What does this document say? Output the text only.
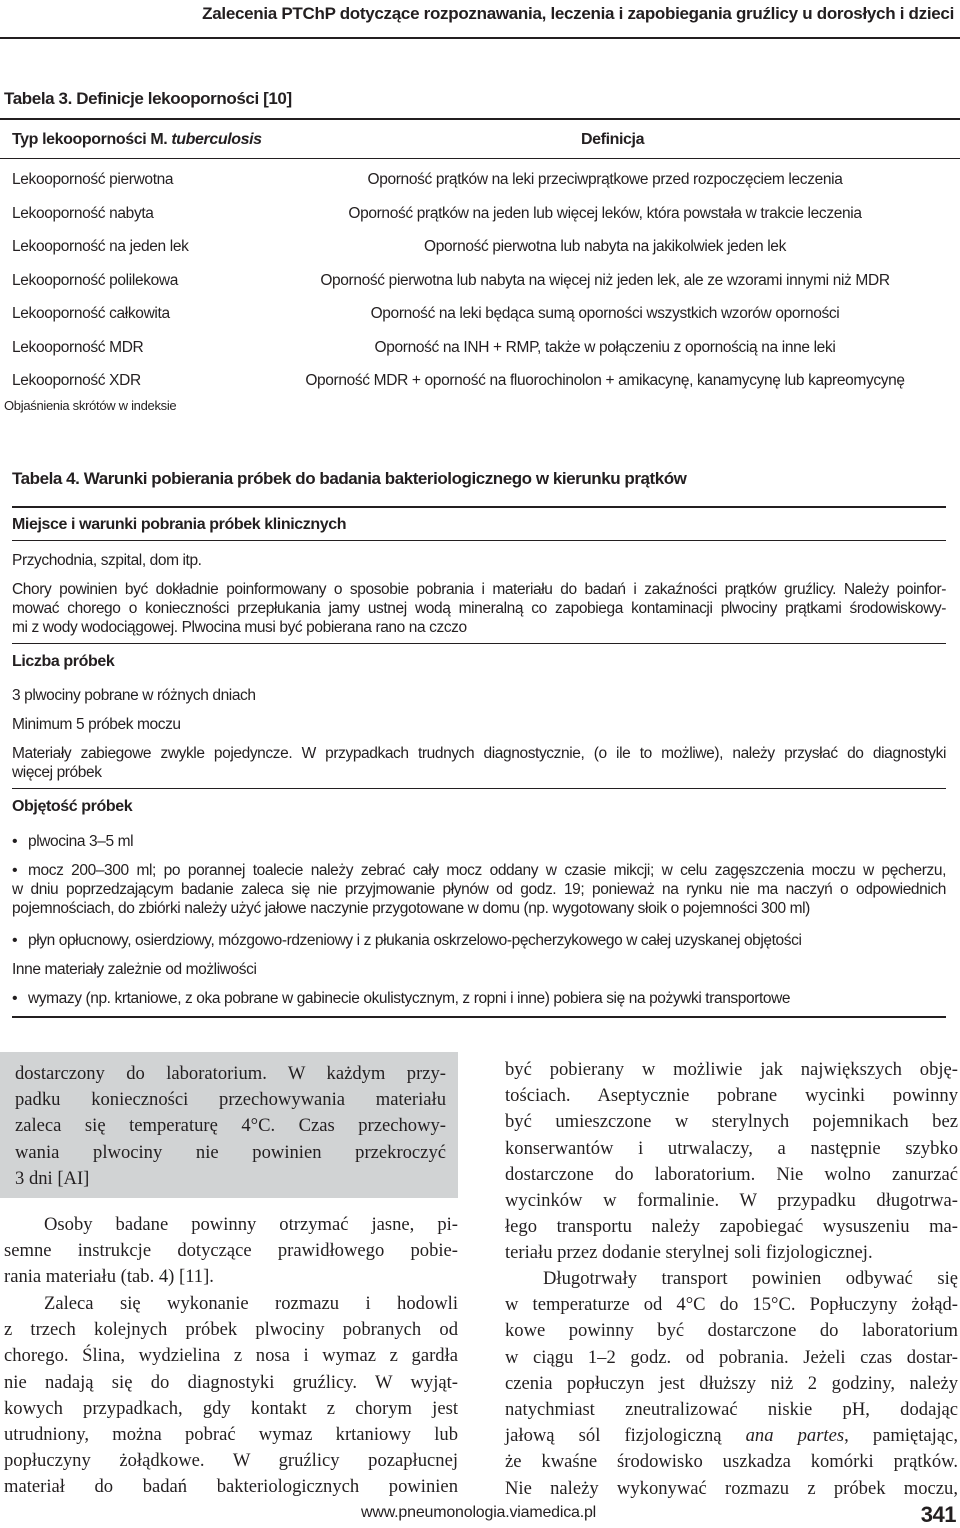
Zalecenia PTChP dotyczące rozpoznawania, leczenia i zapobiegania gruźlicy u dorosłych i dzieci
Tabela 3. Definicje lekooporności [10]
Typ lekooporności M. tuberculosis	Definicja
Lekooporność pierwotna	Oporność prątków na leki przeciwprątkowe przed rozpoczęciem leczenia
Lekooporność nabyta	Oporność prątków na jeden lub więcej leków, która powstała w trakcie leczenia
Lekooporność na jeden lek	Oporność pierwotna lub nabyta na jakikolwiek jeden lek
Lekooporność polilekowa	Oporność pierwotna lub nabyta na więcej niż jeden lek, ale ze wzorami innymi niż MDR
Lekooporność całkowita	Oporność na leki będąca sumą oporności wszystkich wzorów oporności
Lekooporność MDR	Oporność na INH + RMP, także w połączeniu z opornością na inne leki
Lekooporność XDR	Oporność MDR + oporność na fluorochinolon + amikacynę, kanamycynę lub kapreomycynę
Objaśnienia skrótów w indeksie
Tabela 4. Warunki pobierania próbek do badania bakteriologicznego w kierunku prątków
Miejsce i warunki pobrania próbek klinicznych
Przychodnia, szpital, dom itp.
Chory powinien być dokładnie poinformowany o sposobie pobrania i materiału do badań i zakaźności prątków gruźlicy. Należy poinfor-
mować chorego o konieczności przepłukania jamy ustnej wodą mineralną co zapobiega kontaminacji plwociny prątkami środowiskowy-
mi z wody wodociągowej. Plwocina musi być pobierana rano na czczo
Liczba próbek
3 plwociny pobrane w różnych dniach
Minimum 5 próbek moczu
Materiały zabiegowe zwykle pojedyncze. W przypadkach trudnych diagnostycznie, (o ile to możliwe), należy przysłać do diagnostyki
więcej próbek
Objętość próbek
• plwocina 3–5 ml
• mocz 200–300 ml; po porannej toalecie należy zebrać cały mocz oddany w czasie mikcji; w celu zagęszczenia moczu w pęcherzu,
w dniu poprzedzającym badanie zaleca się nie przyjmowanie płynów od godz. 19; ponieważ na rynku nie ma naczyń o odpowiednich
pojemnościach, do zbiórki należy użyć jałowe naczynie przygotowane w domu (np. wygotowany słoik o pojemności 300 ml)
• płyn opłucnowy, osierdziowy, mózgowo-rdzeniowy i z płukania oskrzelowo-pęcherzykowego w całej uzyskanej objętości
Inne materiały zależnie od możliwości
• wymazy (np. krtaniowe, z oka pobrane w gabinecie okulistycznym, z ropni i inne) pobiera się na pożywki transportowe
dostarczony do laboratorium. W każdym przy-
padku konieczności przechowywania materiału
zaleca się temperaturę 4°C. Czas przechowy-
wania plwociny nie powinien przekroczyć
3 dni [AI]
Osoby badane powinny otrzymać jasne, pi-
semne instrukcje dotyczące prawidłowego pobie-
rania materiału (tab. 4) [11].
Zaleca się wykonanie rozmazu i hodowli
z trzech kolejnych próbek plwociny pobranych od
chorego. Ślina, wydzielina z nosa i wymaz z gardła
nie nadają się do diagnostyki gruźlicy. W wyjąt-
kowych przypadkach, gdy kontakt z chorym jest
utrudniony, można pobrać wymaz krtaniowy lub
popłuczyny żołądkowe. W gruźlicy pozapłucnej
materiał do badań bakteriologicznych powinien
być pobierany w możliwie jak największych obję-
tościach. Aseptycznie pobrane wycinki powinny
być umieszczone w sterylnych pojemnikach bez
konserwantów i utrwalaczy, a następnie szybko
dostarczone do laboratorium. Nie wolno zanurzać
wycinków w formalinie. W przypadku długotrwa-
łego transportu należy zapobiegać wysuszeniu ma-
teriału przez dodanie sterylnej soli fizjologicznej.
Długotrwały transport powinien odbywać się
w temperaturze od 4°C do 15°C. Popłuczyny żołąd-
kowe powinny być dostarczone do laboratorium
w ciągu 1–2 godz. od pobrania. Jeżeli czas dostar-
czenia popłuczyn jest dłuższy niż 2 godziny, należy
natychmiast zneutralizować niskie pH, dodając
jałową sól fizjologiczną ana partes, pamiętając,
że kwaśne środowisko uszkadza komórki prątków.
Nie należy wykonywać rozmazu z próbek moczu,
www.pneumonologia.viamedica.pl	341
